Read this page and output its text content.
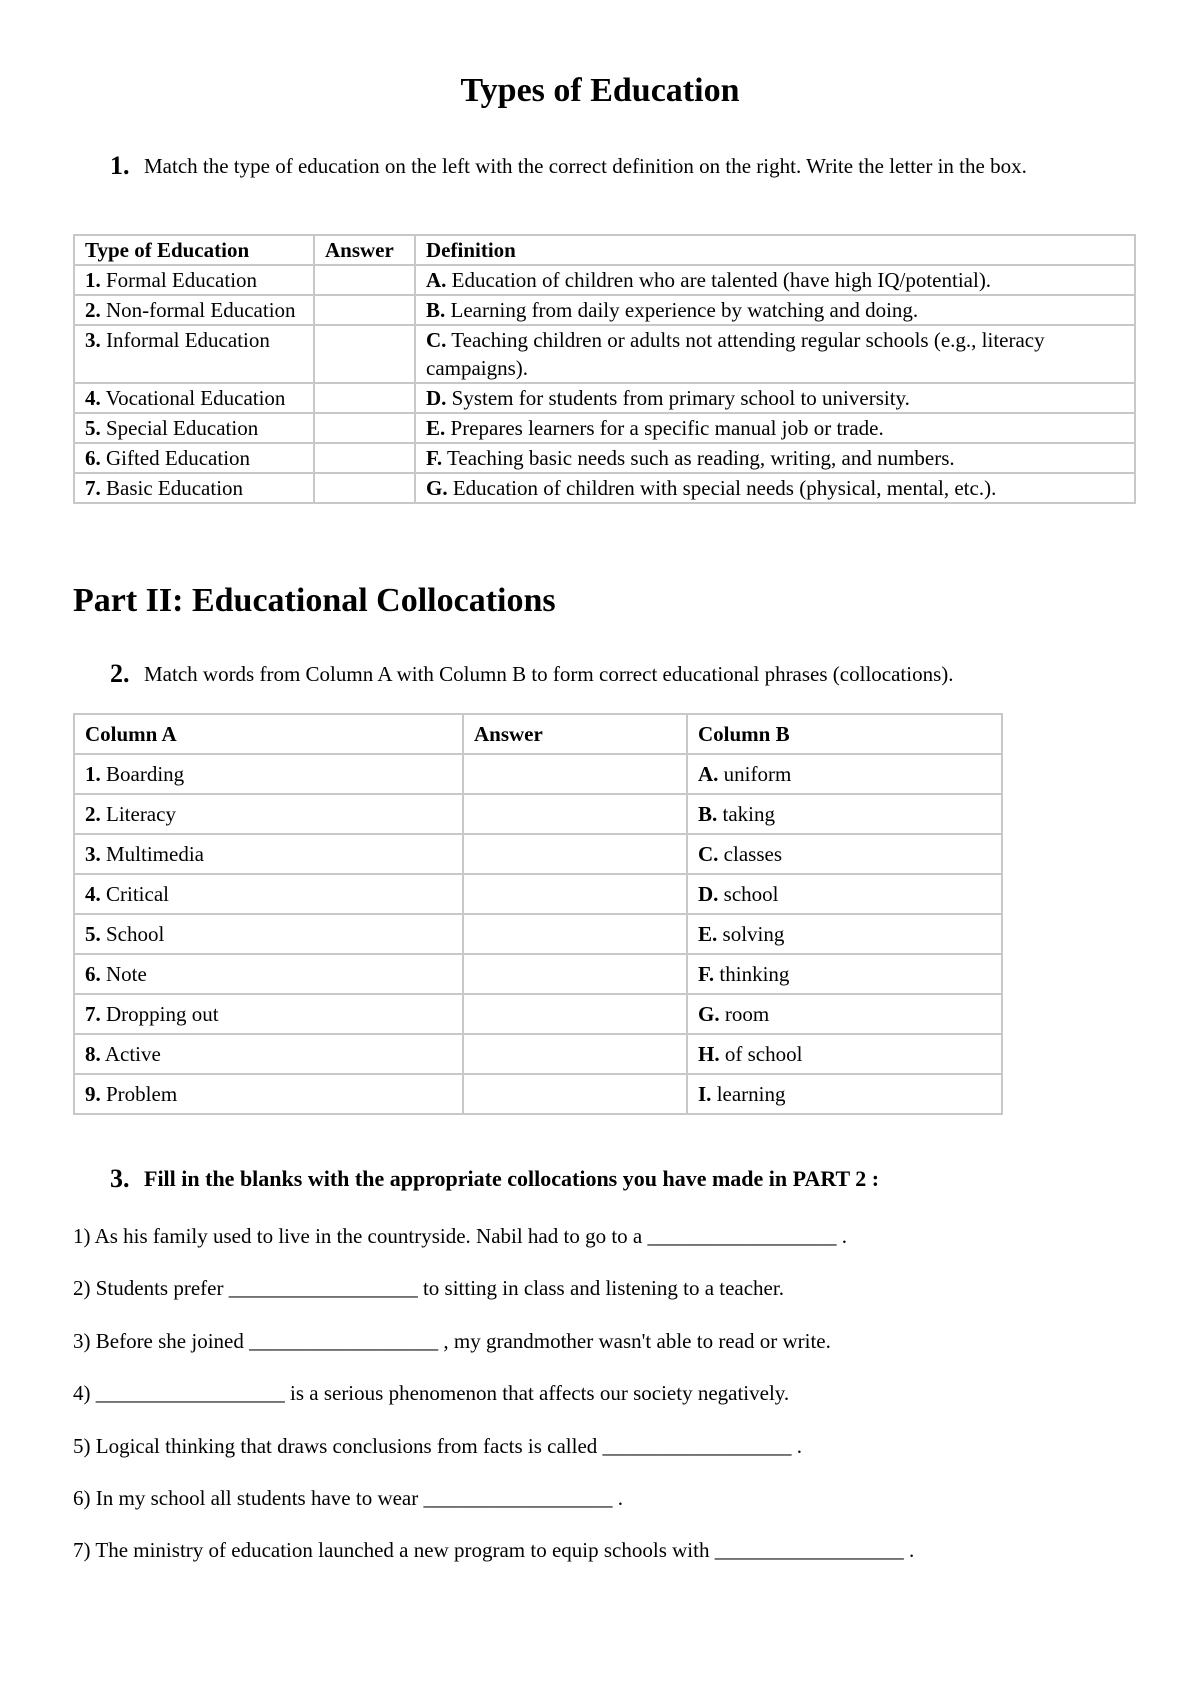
Types of Education
1. Match the type of education on the left with the correct definition on the right. Write the letter in the box.
Type of Education	Answer	Definition
1. Formal Education		A. Education of children who are talented (have high IQ/potential).
2. Non-formal Education		B. Learning from daily experience by watching and doing.
3. Informal Education		C. Teaching children or adults not attending regular schools (e.g., literacy campaigns).
4. Vocational Education		D. System for students from primary school to university.
5. Special Education		E. Prepares learners for a specific manual job or trade.
6. Gifted Education		F. Teaching basic needs such as reading, writing, and numbers.
7. Basic Education		G. Education of children with special needs (physical, mental, etc.).
Part II: Educational Collocations
2. Match words from Column A with Column B to form correct educational phrases (collocations).
Column A	Answer	Column B
1. Boarding		A. uniform
2. Literacy		B. taking
3. Multimedia		C. classes
4. Critical		D. school
5. School		E. solving
6. Note		F. thinking
7. Dropping out		G. room
8. Active		H. of school
9. Problem		I. learning
3. Fill in the blanks with the appropriate collocations you have made in PART 2 :
1) As his family used to live in the countryside. Nabil had to go to a __________________ .
2) Students prefer __________________ to sitting in class and listening to a teacher.
3) Before she joined __________________ , my grandmother wasn't able to read or write.
4) __________________ is a serious phenomenon that affects our society negatively.
5) Logical thinking that draws conclusions from facts is called __________________ .
6) In my school all students have to wear __________________ .
7) The ministry of education launched a new program to equip schools with __________________ .
